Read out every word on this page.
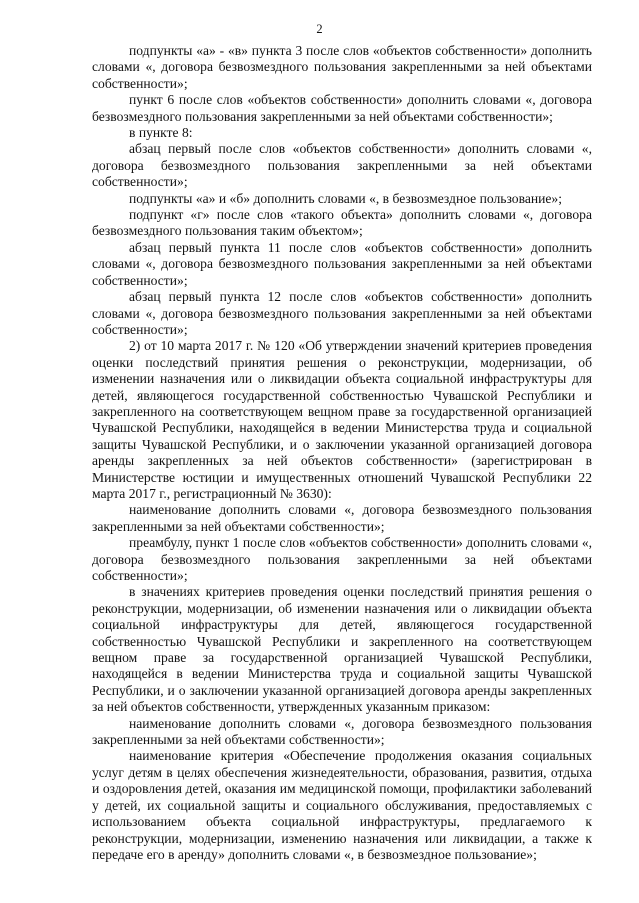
2

подпункты «а» - «в» пункта 3 после слов «объектов собственности» дополнить словами «, договора безвозмездного пользования закрепленными за ней объектами собственности»;

пункт 6 после слов «объектов собственности» дополнить словами «, договора безвозмездного пользования закрепленными за ней объектами собственности»;

в пункте 8:

абзац первый после слов «объектов собственности» дополнить словами «, договора безвозмездного пользования закрепленными за ней объектами собственности»;

подпункты «а» и «б» дополнить словами «, в безвозмездное пользование»;

подпункт «г» после слов «такого объекта» дополнить словами «, договора безвозмездного пользования таким объектом»;

абзац первый пункта 11 после слов «объектов собственности» дополнить словами «, договора безвозмездного пользования закрепленными за ней объектами собственности»;

абзац первый пункта 12 после слов «объектов собственности» дополнить словами «, договора безвозмездного пользования закрепленными за ней объектами собственности»;

2) от 10 марта 2017 г. № 120 «Об утверждении значений критериев проведения оценки последствий принятия решения о реконструкции, модернизации, об изменении назначения или о ликвидации объекта социальной инфраструктуры для детей, являющегося государственной собственностью Чувашской Республики и закрепленного на соответствующем вещном праве за государственной организацией Чувашской Республики, находящейся в ведении Министерства труда и социальной защиты Чувашской Республики, и о заключении указанной организацией договора аренды закрепленных за ней объектов собственности» (зарегистрирован в Министерстве юстиции и имущественных отношений Чувашской Республики 22 марта 2017 г., регистрационный № 3630):

наименование дополнить словами «, договора безвозмездного пользования закрепленными за ней объектами собственности»;

преамбулу, пункт 1 после слов «объектов собственности» дополнить словами «, договора безвозмездного пользования закрепленными за ней объектами собственности»;

в значениях критериев проведения оценки последствий принятия решения о реконструкции, модернизации, об изменении назначения или о ликвидации объекта социальной инфраструктуры для детей, являющегося государственной собственностью Чувашской Республики и закрепленного на соответствующем вещном праве за государственной организацией Чувашской Республики, находящейся в ведении Министерства труда и социальной защиты Чувашской Республики, и о заключении указанной организацией договора аренды закрепленных за ней объектов собственности, утвержденных указанным приказом:

наименование дополнить словами «, договора безвозмездного пользования закрепленными за ней объектами собственности»;

наименование критерия «Обеспечение продолжения оказания социальных услуг детям в целях обеспечения жизнедеятельности, образования, развития, отдыха и оздоровления детей, оказания им медицинской помощи, профилактики заболеваний у детей, их социальной защиты и социального обслуживания, предоставляемых с использованием объекта социальной инфраструктуры, предлагаемого к реконструкции, модернизации, изменению назначения или ликвидации, а также к передаче его в аренду» дополнить словами «, в безвозмездное пользование»;
